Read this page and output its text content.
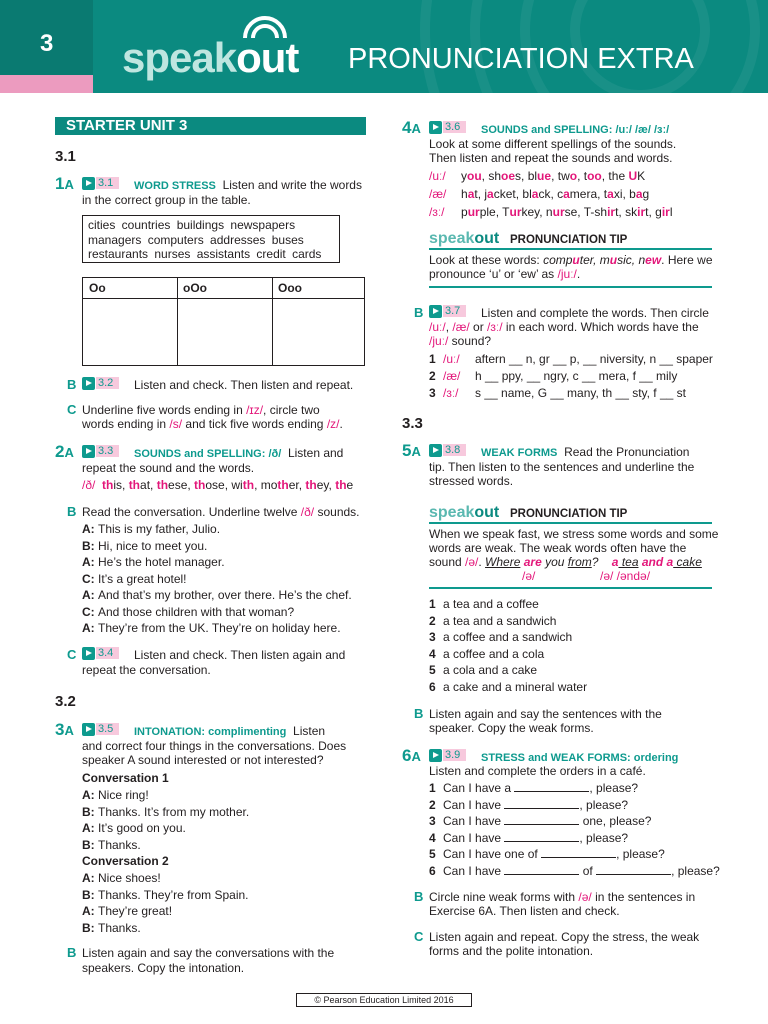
3 speakout PRONUNCIATION EXTRA
STARTER UNIT 3
3.1
1A 3.1	WORD STRESS Listen and write the words
in the correct group in the table.
cities countries buildings newspapers
managers computers addresses buses
restaurants nurses assistants credit cards
Oo	oOo	Ooo
B 3.2	Listen and check. Then listen and repeat.
C Underline five words ending in /ɪz/, circle two
words ending in /s/ and tick five words ending /z/.
2A 3.3	SOUNDS and SPELLING: /ð/ Listen and
repeat the sound and the words.
/ð/ this, that, these, those, with, mother, they, the
B Read the conversation. Underline twelve /ð/ sounds.
A: This is my father, Julio.
B: Hi, nice to meet you.
A: He’s the hotel manager.
C: It’s a great hotel!
A: And that’s my brother, over there. He’s the chef.
C: And those children with that woman?
A: They’re from the UK. They’re on holiday here.
C 3.4	Listen and check. Then listen again and
repeat the conversation.
3.2
3A 3.5	INTONATION: complimenting Listen
and correct four things in the conversations. Does
speaker A sound interested or not interested?
Conversation 1
A: Nice ring!
B: Thanks. It’s from my mother.
A: It’s good on you.
B: Thanks.
Conversation 2
A: Nice shoes!
B: Thanks. They’re from Spain.
A: They’re great!
B: Thanks.
B Listen again and say the conversations with the
speakers. Copy the intonation.
4A 3.6	SOUNDS and SPELLING: /uː/ /æ/ /ɜː/
Look at some different spellings of the sounds.
Then listen and repeat the sounds and words.
/uː/ you, shoes, blue, two, too, the UK
/æ/ hat, jacket, black, camera, taxi, bag
/ɜː/ purple, Turkey, nurse, T-shirt, skirt, girl
speakout PRONUNCIATION TIP
Look at these words: computer, music, new. Here we
pronounce ‘u’ or ‘ew’ as /juː/.
B 3.7	Listen and complete the words. Then circle
/uː/, /æ/ or /ɜː/ in each word. Which words have the
/juː/ sound?
1 /uː/ aftern __ n, gr __ p, __ niversity, n __ spaper
2 /æ/ h __ ppy, __ ngry, c __ mera, f __ mily
3 /ɜː/ s __ name, G __ many, th __ sty, f __ st
3.3
5A 3.8	WEAK FORMS Read the Pronunciation
tip. Then listen to the sentences and underline the
stressed words.
speakout PRONUNCIATION TIP
When we speak fast, we stress some words and some
words are weak. The weak words often have the
sound /ə/. Where are you from? a tea and a cake
/ə/	/ə/ /əndə/
1 a tea and a coffee
2 a tea and a sandwich
3 a coffee and a sandwich
4 a coffee and a cola
5 a cola and a cake
6 a cake and a mineral water
B Listen again and say the sentences with the
speaker. Copy the weak forms.
6A 3.9	STRESS and WEAK FORMS: ordering
Listen and complete the orders in a café.
1 Can I have a	, please?
2 Can I have	, please?
3 Can I have	one, please?
4 Can I have	, please?
5 Can I have one of	, please?
6 Can I have	of	, please?
B Circle nine weak forms with /ə/ in the sentences in
Exercise 6A. Then listen and check.
C Listen again and repeat. Copy the stress, the weak
forms and the polite intonation.
© Pearson Education Limited 2016
